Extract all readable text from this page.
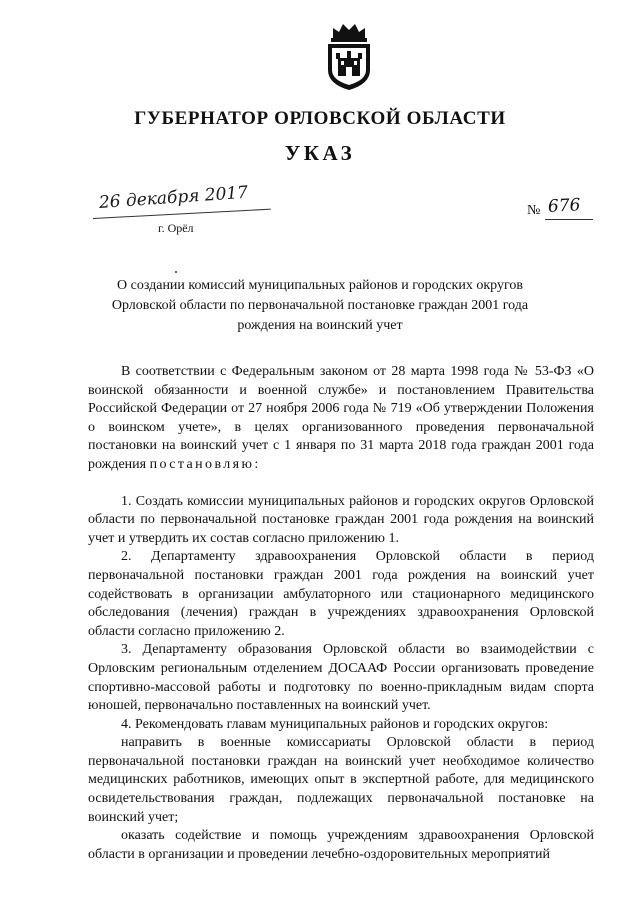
ГУБЕРНАТОР ОРЛОВСКОЙ ОБЛАСТИ
УКАЗ
26 декабря 2017
г. Орёл
№ 676
О создании комиссий муниципальных районов и городских округов Орловской области по первоначальной постановке граждан 2001 года рождения на воинский учет

В соответствии с Федеральным законом от 28 марта 1998 года № 53-ФЗ «О воинской обязанности и военной службе» и постановлением Правительства Российской Федерации от 27 ноября 2006 года № 719 «Об утверждении Положения о воинском учете», в целях организованного проведения первоначальной постановки на воинский учет с 1 января по 31 марта 2018 года граждан 2001 года рождения постановляю:

1. Создать комиссии муниципальных районов и городских округов Орловской области по первоначальной постановке граждан 2001 года рождения на воинский учет и утвердить их состав согласно приложению 1.

2. Департаменту здравоохранения Орловской области в период первоначальной постановки граждан 2001 года рождения на воинский учет содействовать в организации амбулаторного или стационарного медицинского обследования (лечения) граждан в учреждениях здравоохранения Орловской области согласно приложению 2.

3. Департаменту образования Орловской области во взаимодействии с Орловским региональным отделением ДОСААФ России организовать проведение спортивно-массовой работы и подготовку по военно-прикладным видам спорта юношей, первоначально поставленных на воинский учет.

4. Рекомендовать главам муниципальных районов и городских округов:

направить в военные комиссариаты Орловской области в период первоначальной постановки граждан на воинский учет необходимое количество медицинских работников, имеющих опыт в экспертной работе, для медицинского освидетельствования граждан, подлежащих первоначальной постановке на воинский учет;

оказать содействие и помощь учреждениям здравоохранения Орловской области в организации и проведении лечебно-оздоровительных мероприятий
